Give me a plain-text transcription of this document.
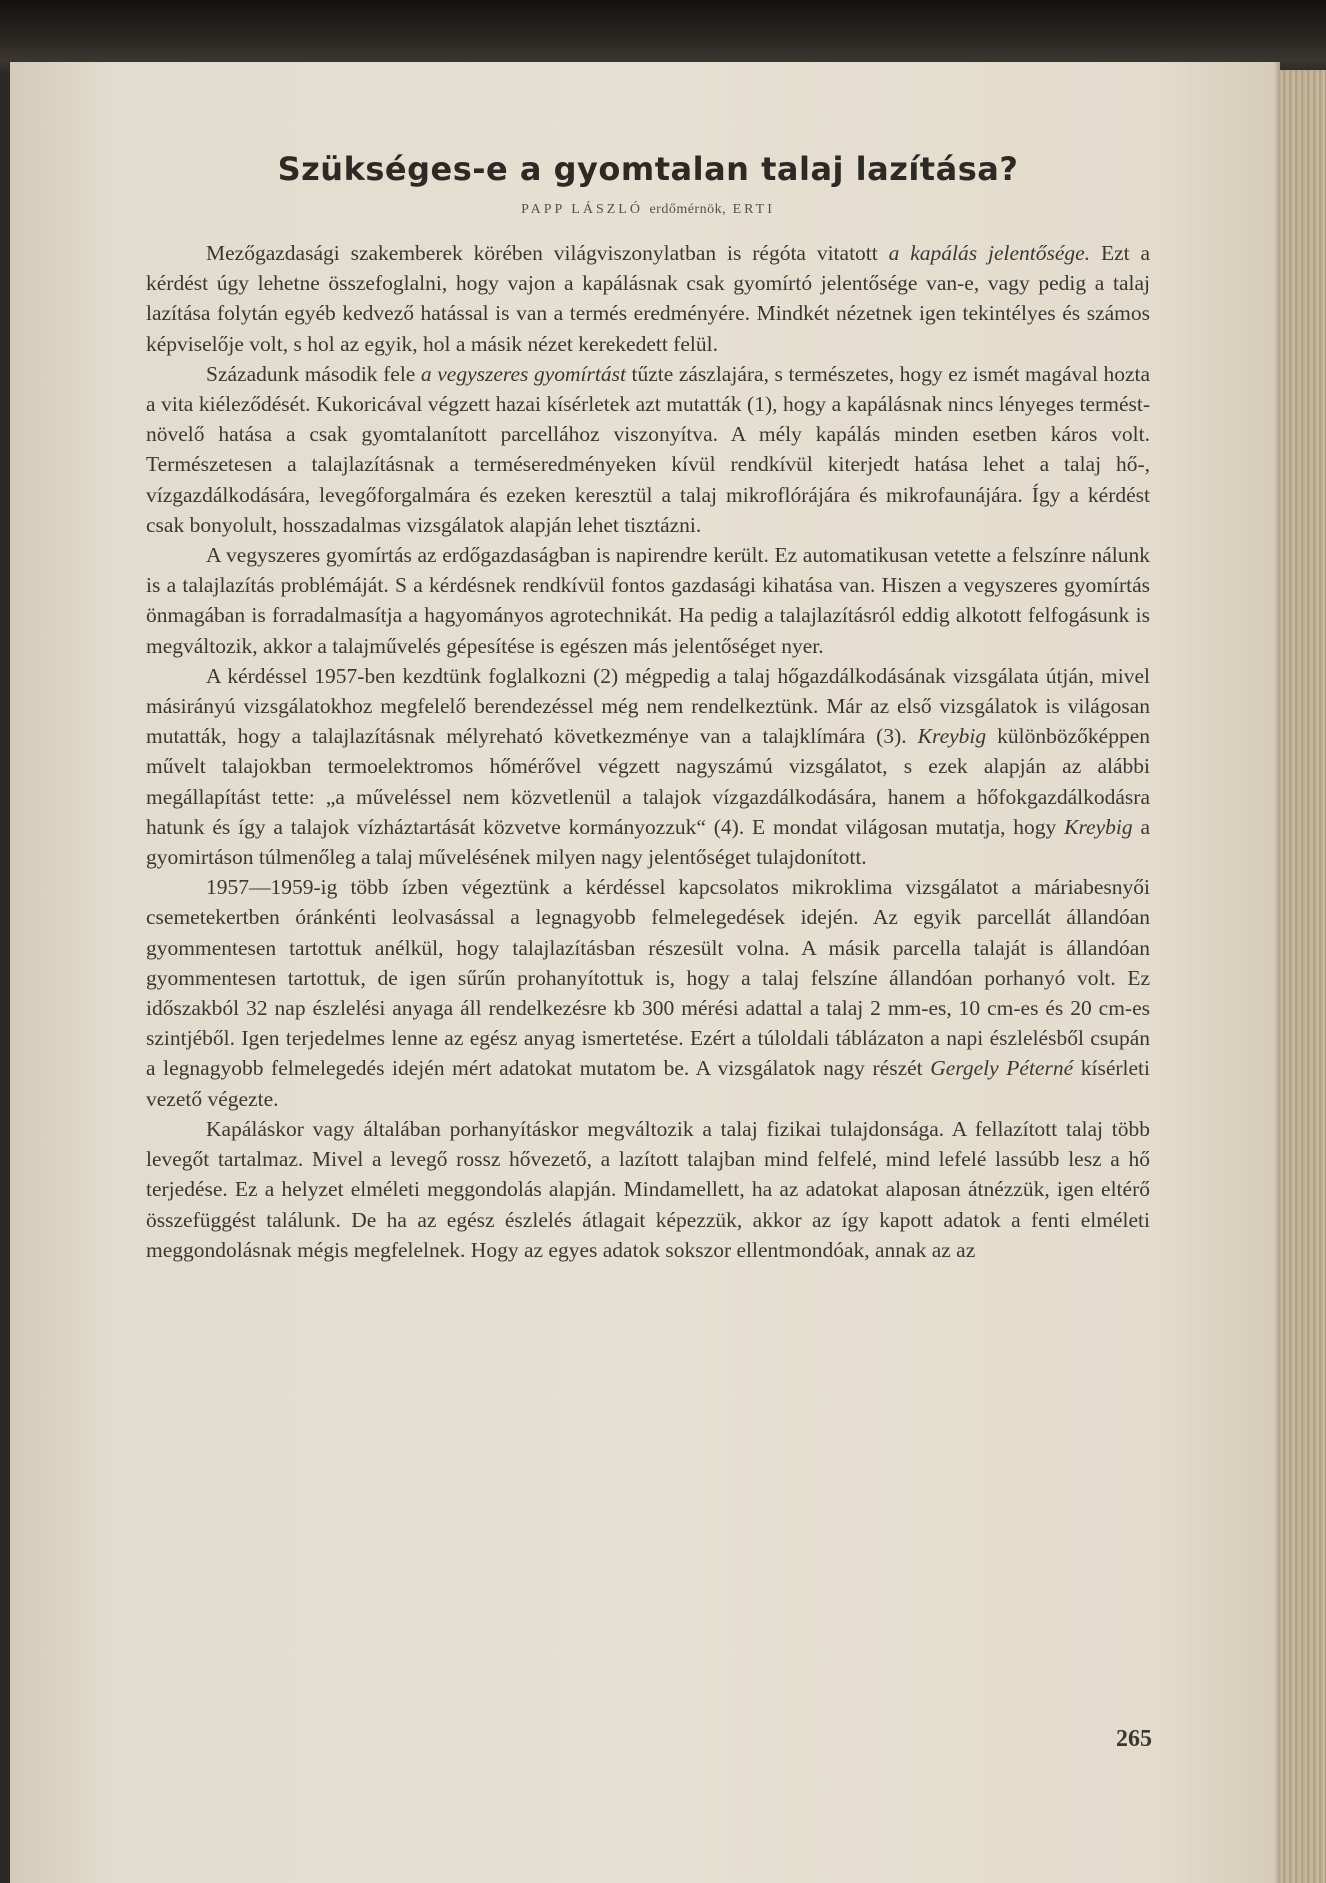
Szükséges-e a gyomtalan talaj lazítása?
PAPP LÁSZLÓ erdőmérnök, ERTI

Mezőgazdasági szakemberek körében világviszonylatban is régóta vitatott a kapálás jelentősége. Ezt a kérdést úgy lehetne összefoglalni, hogy vajon a kapálásnak csak gyomírtó jelentősége van-e, vagy pedig a talaj lazítása folytán egyéb kedvező hatással is van a termés eredményére. Mindkét nézetnek igen tekintélyes és számos képviselője volt, s hol az egyik, hol a másik nézet kerekedett felül.

Századunk második fele a vegyszeres gyomírtást tűzte zászlajára, s természetes, hogy ez ismét magával hozta a vita kiéleződését. Kukoricával végzett hazai kísérletek azt mutatták (1), hogy a kapálásnak nincs lényeges terméstnövelő hatása a csak gyomtalanított parcellához viszonyítva. A mély kapálás minden esetben káros volt. Természetesen a talajlazításnak a terméseredményeken kívül rendkívül kiterjedt hatása lehet a talaj hő-, vízgazdálkodására, levegőforgalmára és ezeken keresztül a talaj mikroflórájára és mikrofaunájára. Így a kérdést csak bonyolult, hosszadalmas vizsgálatok alapján lehet tisztázni.

A vegyszeres gyomírtás az erdőgazdaságban is napirendre került. Ez automatikusan vetette a felszínre nálunk is a talajlazítás problémáját. S a kérdésnek rendkívül fontos gazdasági kihatása van. Hiszen a vegyszeres gyomírtás önmagában is forradalmasítja a hagyományos agrotechnikát. Ha pedig a talajlazításról eddig alkotott felfogásunk is megváltozik, akkor a talajművelés gépesítése is egészen más jelentőséget nyer.

A kérdéssel 1957-ben kezdtünk foglalkozni (2) mégpedig a talaj hőgazdálkodásának vizsgálata útján, mivel másirányú vizsgálatokhoz megfelelő berendezéssel még nem rendelkeztünk. Már az első vizsgálatok is világosan mutatták, hogy a talajlazításnak mélyreható következménye van a talajklímára (3). Kreybig különbözőképpen művelt talajokban termoelektromos hőmérővel végzett nagyszámú vizsgálatot, s ezek alapján az alábbi megállapítást tette: „a műveléssel nem közvetlenül a talajok vízgazdálkodására, hanem a hőfokgazdálkodásra hatunk és így a talajok vízháztartását közvetve kormányozzuk“ (4). E mondat világosan mutatja, hogy Kreybig a gyomirtáson túlmenőleg a talaj művelésének milyen nagy jelentőséget tulajdonított.

1957—1959-ig több ízben végeztünk a kérdéssel kapcsolatos mikroklima vizsgálatot a máriabesnyői csemetekertben óránkénti leolvasással a legnagyobb felmelegedések idején. Az egyik parcellát állandóan gyommentesen tartottuk anélkül, hogy talajlazításban részesült volna. A másik parcella talaját is állandóan gyommentesen tartottuk, de igen sűrűn prohanyítottuk is, hogy a talaj felszíne állandóan porhanyó volt. Ez időszakból 32 nap észlelési anyaga áll rendelkezésre kb 300 mérési adattal a talaj 2 mm-es, 10 cm-es és 20 cm-es szintjéből. Igen terjedelmes lenne az egész anyag ismertetése. Ezért a túloldali táblázaton a napi észlelésből csupán a legnagyobb felmelegedés idején mért adatokat mutatom be. A vizsgálatok nagy részét Gergely Péterné kísérleti vezető végezte.

Kapáláskor vagy általában porhanyításkor megváltozik a talaj fizikai tulajdonsága. A fellazított talaj több levegőt tartalmaz. Mivel a levegő rossz hővezető, a lazított talajban mind felfelé, mind lefelé lassúbb lesz a hő terjedése. Ez a helyzet elméleti meggondolás alapján. Mindamellett, ha az adatokat alaposan átnézzük, igen eltérő összefüggést találunk. De ha az egész észlelés átlagait képezzük, akkor az így kapott adatok a fenti elméleti meggondolásnak mégis megfelelnek. Hogy az egyes adatok sokszor ellentmondóak, annak az az

265
